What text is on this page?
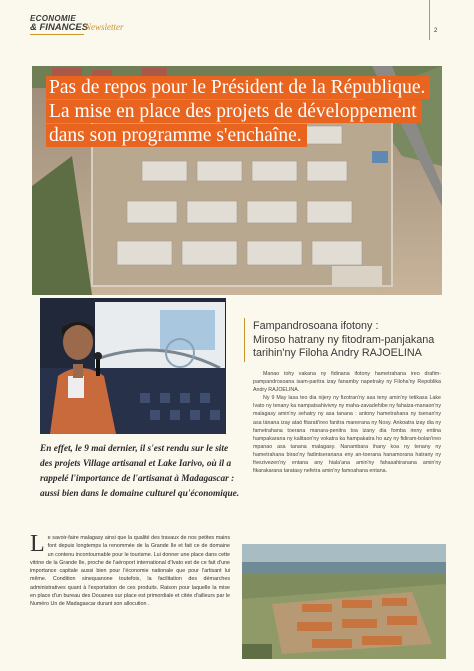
ECONOMIE
& FINANCES
Newsletter	2
Pas de repos pour le Président de la République.
La mise en place des projets de développement
dans son programme s'enchaîne.
En effet, le 9 mai dernier, il s'est rendu sur le site des projets Village artisanal et Lake Iarivo, où il a rappelé l'importance de l'artisanat à Madagascar : aussi bien dans le domaine culturel qu'économique.
Fampandrosoana ifotony :
Miroso hatrany ny fitodram-panjakana
tarihin'ny Filoha Andry RAJOELINA

Manao tohy vakana ny fidinana ifotony hametrahana ireo drafim-pampandrosoana isam-paritra izay fanamby napetraky ny Filoha'ny Repoblika Andry RAJOELINA.

Ny 9 May lasa teo dia nijery ny fizotran'ny asa teny amin'ny tetikasa Lake Ivato ny tenany ka nampatsahivivny ny maha-zavadehibe ny fahaiza-manaon'ny malagasy amin'ny sehatry ny asa tanana : antony hametrahana ny tsenan'ny asa tànana izay ataó fitarati'ireo fanitra manerana ny Nosy. Ankoatra izay dia ny fametrahana toerana manara-penitra toa izany dia fomba ireny entina hampakarana ny kalitaon'ny vokatra ka hampakatra ho azy ny fidiram-bolan'ireo mpanao asa tanana malagasy. Nanambara ihany koa ny tenany ny hametrahana birao'ny fadintseranana eny an-toerana hanamorana hatrany ny fivezivezen'ny entana any hiala'ana amin'ny fahasahiranana amin'ny fikarakarana taratasy nefetra amin'ny famoahana entana.

L e savoir-faire malagasy ainsi que la qualité des travaux de nos petites mains font depuis longtemps la renommée de la Grande Ile et fait ce de domaine un contenu incontournable pour le tourisme. Lui donner une place dans cette vitrine de la Grande Ile, proche de l'aéroport international d'Ivato est de ce fait d'une importance capitale aussi bien pour l'économie nationale que pour l'artisant lui même. Condition sinequanone toutefois, la facilitation des démarches administratives quant à l'exportation de ces produits. Raison pour laquelle la mise en place d'un bureau des Douanes sur place est primordiale et citée d'ailleurs par le Numéro Un de Madagascar durant son allocution .
